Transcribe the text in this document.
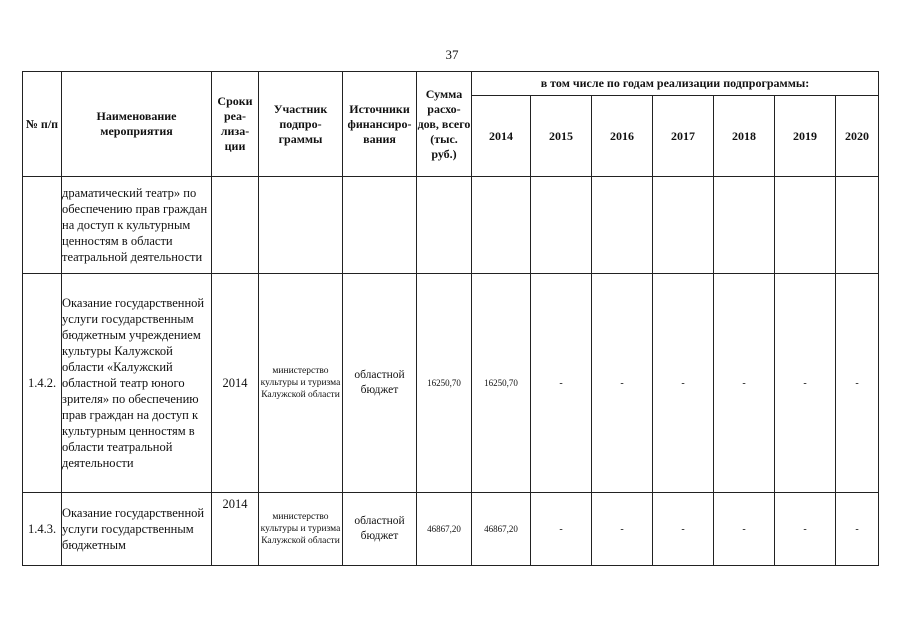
37
№ п/п	Наименование мероприятия	Сроки реа-лиза-ции	Участник подпро-граммы	Источники финансиро-вания	Сумма расхо-дов, всего (тыс. руб.)	в том числе по годам реализации подпрограммы:						
						2014	2015	2016	2017	2018	2019	2020
	драматический театр» по обеспечению прав граждан на доступ к культурным ценностям в области театральной деятельности											
1.4.2.	Оказание государственной услуги государственным бюджетным учреждением культуры Калужской области «Калужский областной театр юного зрителя» по обеспечению прав граждан на доступ к культурным ценностям в области театральной деятельности	2014	министерство культуры и туризма Калужской области	областной бюджет	16250,70	16250,70	-	-	-	-	-	-
1.4.3.	Оказание государственной услуги государственным бюджетным	2014	министерство культуры и туризма Калужской области	областной бюджет	46867,20	46867,20	-	-	-	-	-	-
